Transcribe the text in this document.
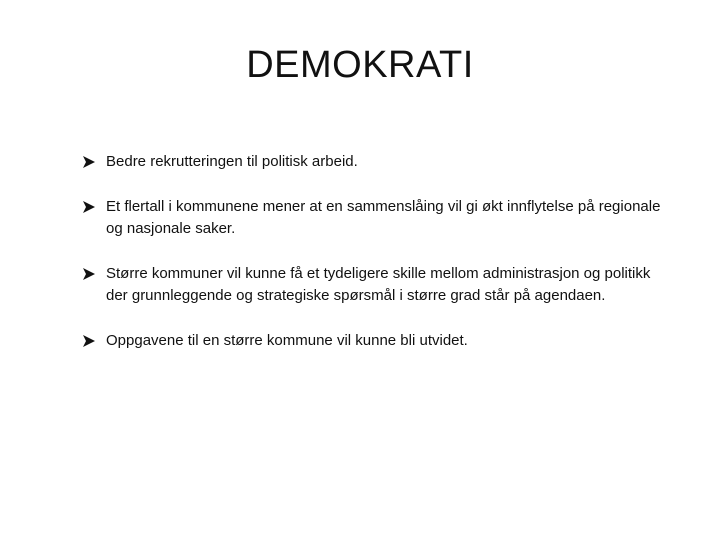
DEMOKRATI
Bedre rekrutteringen til politisk arbeid.
Et flertall i kommunene mener at en sammenslåing vil gi økt innflytelse på regionale og nasjonale saker.
Større kommuner vil kunne få et tydeligere skille mellom administrasjon og politikk der grunnleggende og strategiske spørsmål i større grad står på agendaen.
Oppgavene til en større kommune vil kunne bli utvidet.
